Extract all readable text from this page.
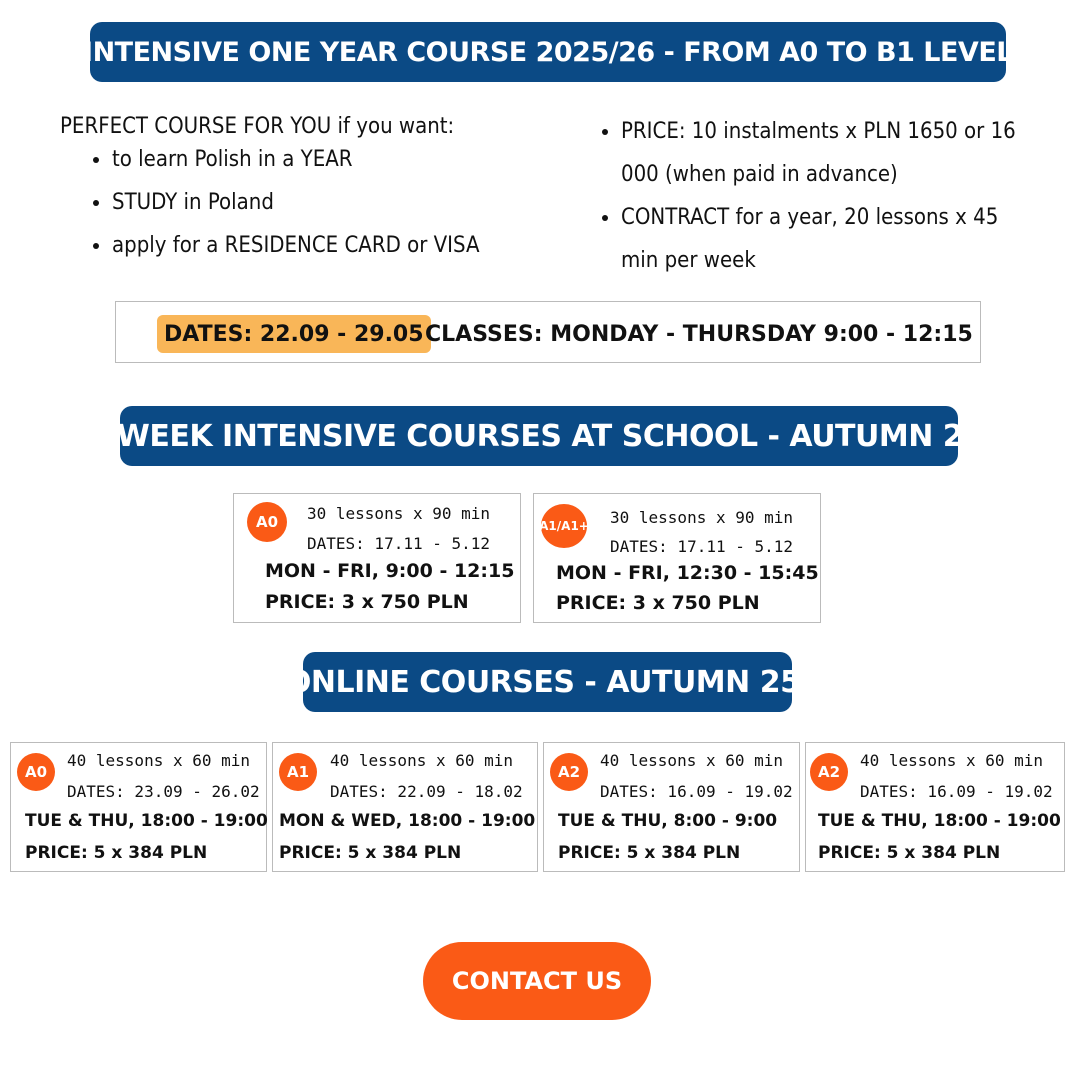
INTENSIVE ONE YEAR COURSE 2025/26 - FROM A0 TO B1 LEVEL

PERFECT COURSE FOR YOU if you want:

• to learn Polish in a YEAR
• STUDY in Poland
• apply for a RESIDENCE CARD or VISA
• PRICE: 10 instalments x PLN 1650 or 16 000 (when paid in advance)
• CONTRACT for a year, 20 lessons x 45 min per week
DATES: 22.09 - 29.05 CLASSES: MONDAY - THURSDAY 9:00 - 12:15
3-WEEK INTENSIVE COURSES AT SCHOOL - AUTUMN 25'
A0	30 lessons x 90 min
DATES: 17.11 - 5.12
MON - FRI, 9:00 - 12:15
PRICE: 3 x 750 PLN
A1/A1+ 30 lessons x 90 min
DATES: 17.11 - 5.12
MON - FRI, 12:30 - 15:45
PRICE: 3 x 750 PLN
ONLINE COURSES - AUTUMN 25'
A0
40 lessons x 60 min
DATES: 23.09 - 26.02
TUE & THU, 18:00 - 19:00
PRICE: 5 x 384 PLN
A1
40 lessons x 60 min
DATES: 22.09 - 18.02
MON & WED, 18:00 - 19:00
PRICE: 5 x 384 PLN
A2
40 lessons x 60 min
DATES: 16.09 - 19.02
TUE & THU, 8:00 - 9:00
PRICE: 5 x 384 PLN
A2
40 lessons x 60 min
DATES: 16.09 - 19.02
TUE & THU, 18:00 - 19:00
PRICE: 5 x 384 PLN
CONTACT US
